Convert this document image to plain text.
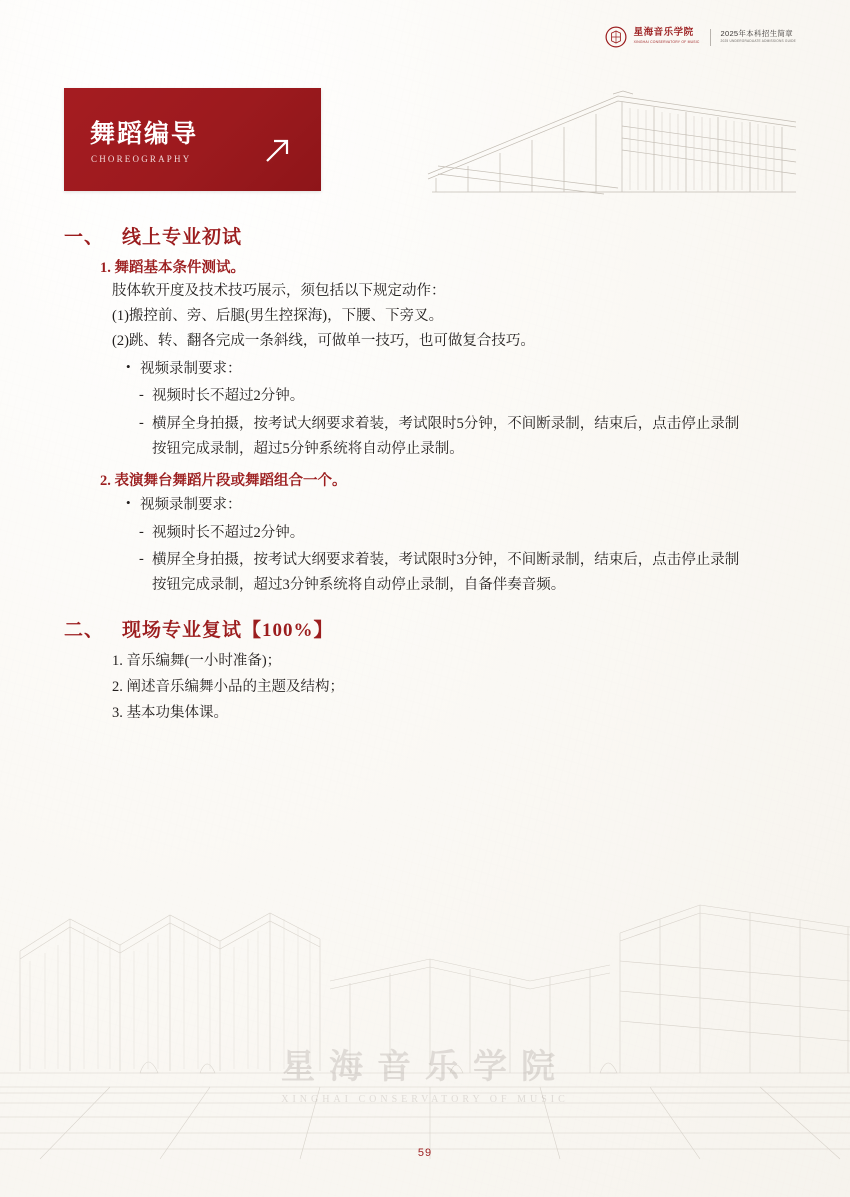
星海音乐学院
XINGHAI CONSERVATORY OF MUSIC
2025年本科招生简章
2025 UNDERGRADUATE ADMISSIONS GUIDE
舞蹈编导
CHOREOGRAPHY
一、 线上专业初试
1. 舞蹈基本条件测试。

肢体软开度及技术技巧展示，须包括以下规定动作：

(1)搬控前、旁、后腿(男生控探海)，下腰、下旁叉。

(2)跳、转、翻各完成一条斜线，可做单一技巧，也可做复合技巧。

• 视频录制要求：
- 视频时长不超过2分钟。
- 横屏全身拍摄，按考试大纲要求着装，考试限时5分钟，不间断录制，结束后，点击停止录制
按钮完成录制，超过5分钟系统将自动停止录制。
2. 表演舞台舞蹈片段或舞蹈组合一个。
• 视频录制要求：
- 视频时长不超过2分钟。
- 横屏全身拍摄，按考试大纲要求着装，考试限时3分钟，不间断录制，结束后，点击停止录制
按钮完成录制，超过3分钟系统将自动停止录制，自备伴奏音频。
二、 现场专业复试【100%】

1. 音乐编舞(一小时准备)；

2. 阐述音乐编舞小品的主题及结构；

3. 基本功集体课。

星海音乐学院
XINGHAI CONSERVATORY OF MUSIC
59
